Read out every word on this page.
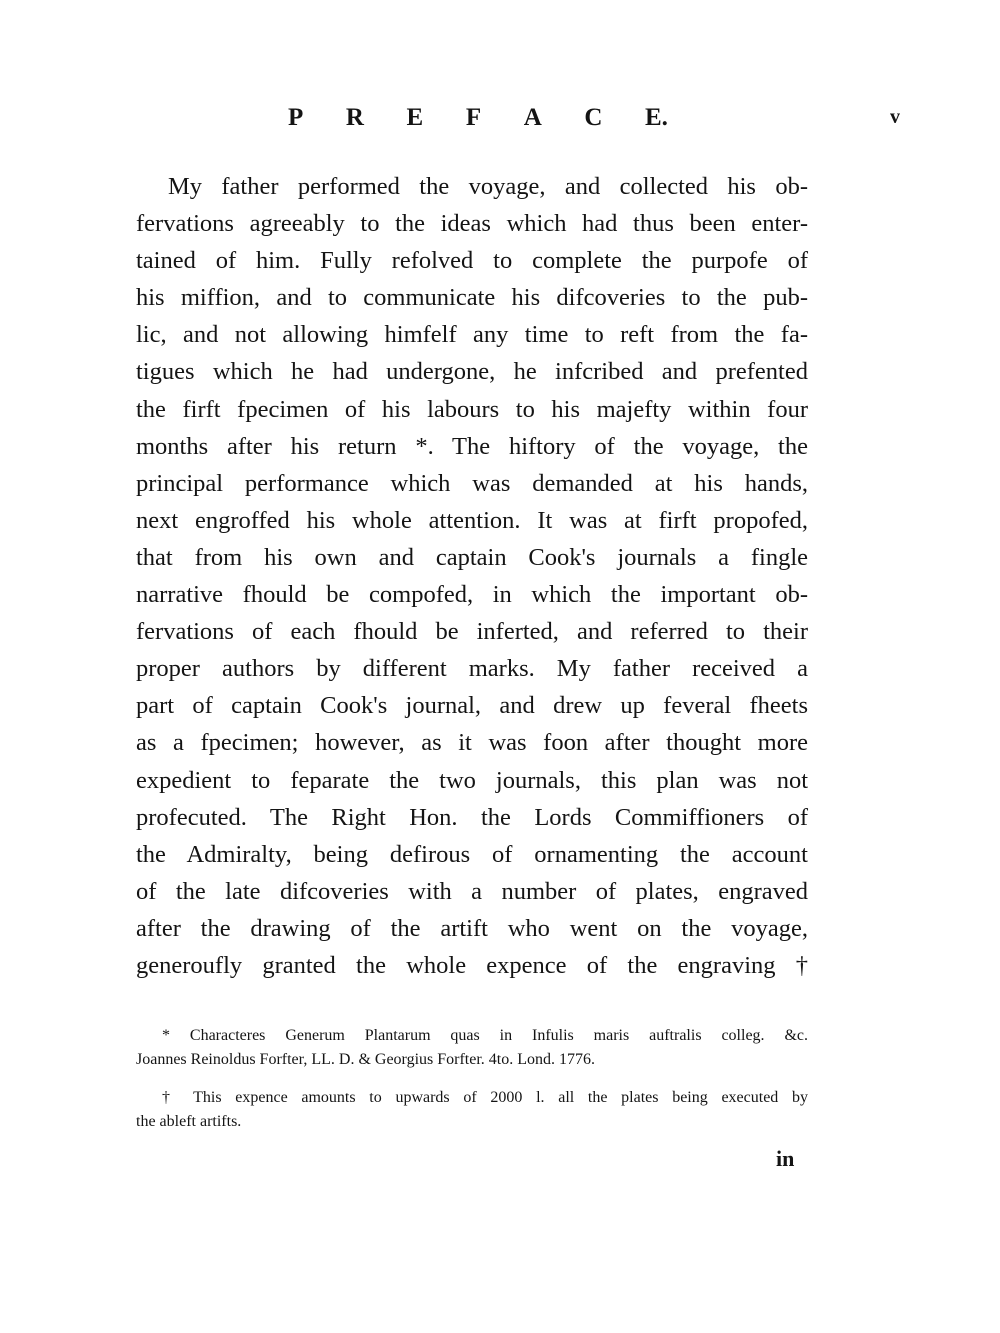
P R E F A C E.	v
My father performed the voyage, and collected his ob-
fervations agreeably to the ideas which had thus been enter-
tained of him. Fully refolved to complete the purpofe of
his miffion, and to communicate his difcoveries to the pub-
lic, and not allowing himfelf any time to reft from the fa-
tigues which he had undergone, he infcribed and prefented
the firft fpecimen of his labours to his majefty within four
months after his return *. The hiftory of the voyage, the
principal performance which was demanded at his hands,
next engroffed his whole attention. It was at firft propofed,
that from his own and captain Cook's journals a fingle
narrative fhould be compofed, in which the important ob-
fervations of each fhould be inferted, and referred to their
proper authors by different marks. My father received a
part of captain Cook's journal, and drew up feveral fheets
as a fpecimen; however, as it was foon after thought more
expedient to feparate the two journals, this plan was not
profecuted. The Right Hon. the Lords Commiffioners of
the Admiralty, being defirous of ornamenting the account
of the late difcoveries with a number of plates, engraved
after the drawing of the artift who went on the voyage,
generoufly granted the whole expence of the engraving †
* Characteres Generum Plantarum quas in Infulis maris auftralis colleg. &c.
Joannes Reinoldus Forfter, LL. D. & Georgius Forfter. 4to. Lond. 1776.
† This expence amounts to upwards of 2000 l. all the plates being executed by
the ableft artifts.
in
